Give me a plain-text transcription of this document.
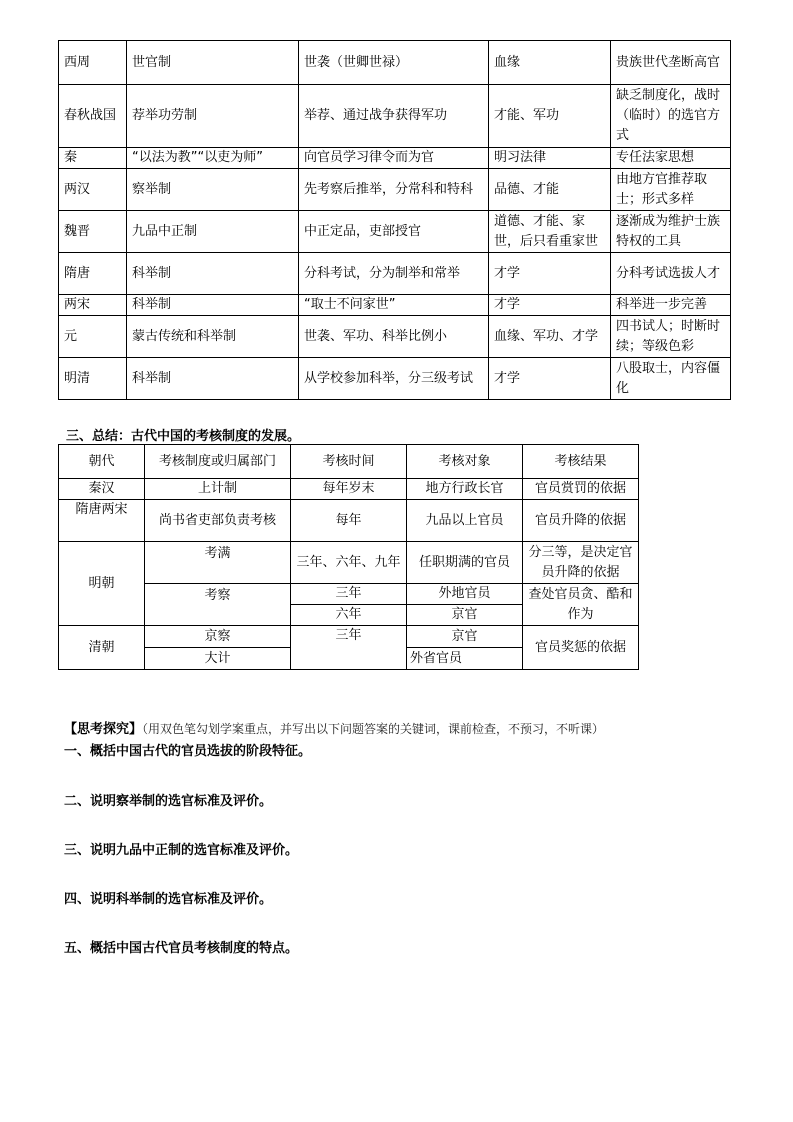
西周	世官制	世袭（世卿世禄）	血缘	贵族世代垄断高官
春秋战国	荐举功劳制	举荐、通过战争获得军功	才能、军功	缺乏制度化，战时（临时）的选官方式
秦	“以法为教”“以吏为师”	向官员学习律令而为官	明习法律	专任法家思想
两汉	察举制	先考察后推举，分常科和特科	品德、才能	由地方官推荐取士；形式多样
魏晋	九品中正制	中正定品，吏部授官	道德、才能、家世，后只看重家世	逐渐成为维护士族特权的工具
隋唐	科举制	分科考试，分为制举和常举	才学	分科考试选拔人才
两宋	科举制	“取士不问家世”	才学	科举进一步完善
元	蒙古传统和科举制	世袭、军功、科举比例小	血缘、军功、才学	四书试人；时断时续；等级色彩
明清	科举制	从学校参加科举，分三级考试	才学	八股取士，内容僵化
三、总结：古代中国的考核制度的发展。
朝代	考核制度或归属部门	考核时间	考核对象	考核结果
秦汉	上计制	每年岁末	地方行政长官	官员赏罚的依据
隋唐两宋	尚书省吏部负责考核	每年	九品以上官员	官员升降的依据
明朝	考满	三年、六年、九年	任职期满的官员	分三等，是决定官员升降的依据
	考察	三年	外地官员	查处官员贪、酷和作为
		六年	京官	
清朝	京察	三年	京官	官员奖惩的依据
	大计		外省官员	
【思考探究】（用双色笔勾划学案重点，并写出以下问题答案的关键词，课前检查，不预习，不听课）
一、概括中国古代的官员选拔的阶段特征。
二、说明察举制的选官标准及评价。
三、说明九品中正制的选官标准及评价。
四、说明科举制的选官标准及评价。
五、概括中国古代官员考核制度的特点。
